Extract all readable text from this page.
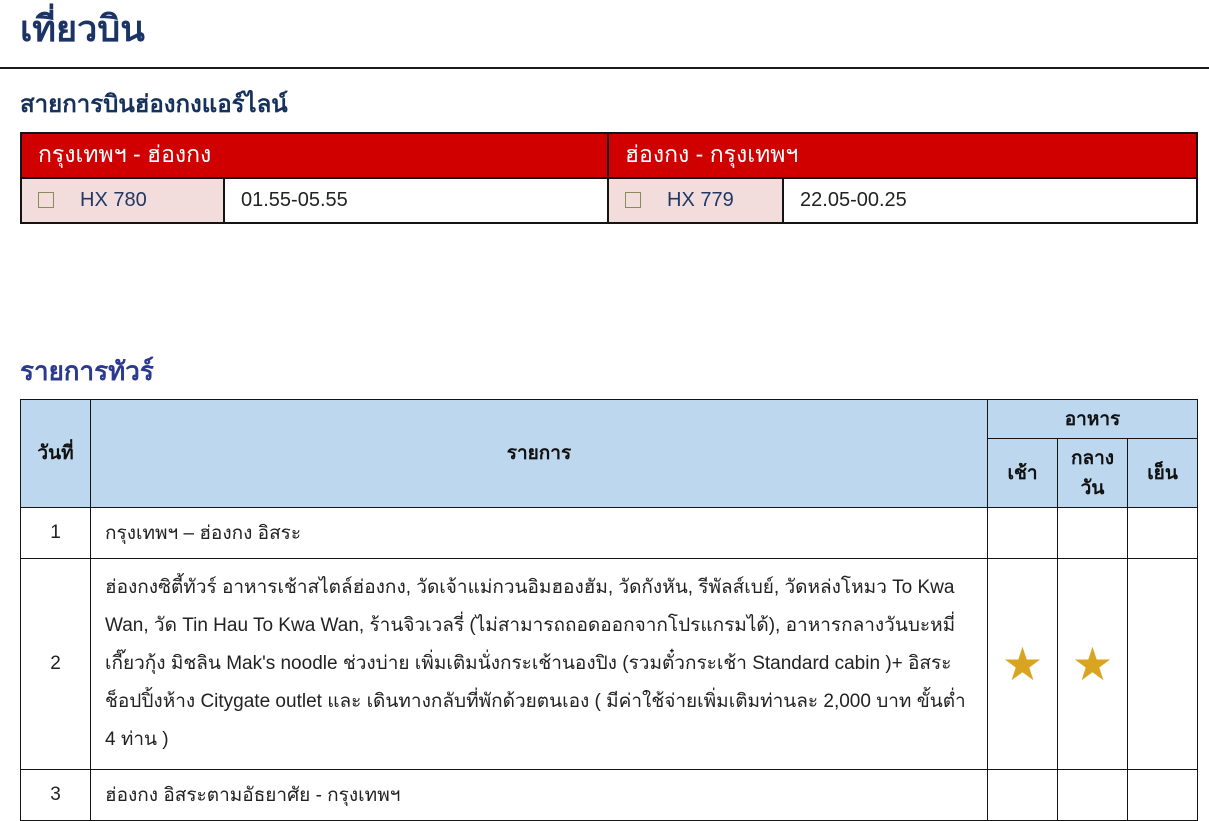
เที่ยวบิน
สายการบินฮ่องกงแอร์ไลน์
กรุงเทพฯ - ฮ่องกง		ฮ่องกง - กรุงเทพฯ	
HX 780	01.55-05.55	HX 779	22.05-00.25
รายการทัวร์
วันที่	รายการ	อาหาร		
		เช้า	กลางวัน	เย็น
1	กรุงเทพฯ – ฮ่องกง อิสระ			
2	ฮ่องกงซิตี้ทัวร์ อาหารเช้าสไตล์ฮ่องกง, วัดเจ้าแม่กวนอิมฮองฮัม, วัดกังหัน, รีพัลส์เบย์, วัดหล่งโหมว To Kwa Wan, วัด Tin Hau To Kwa Wan, ร้านจิวเวลรี่ (ไม่สามารถถอดออกจากโปรแกรมได้), อาหารกลางวันบะหมี่เกี๊ยวกุ้ง มิชลิน Mak's noodle ช่วงบ่าย เพิ่มเติมนั่งกระเช้านองปิง (รวมตั๋วกระเช้า Standard cabin )+ อิสระช็อปปิ้งห้าง Citygate outlet และ เดินทางกลับที่พักด้วยตนเอง ( มีค่าใช้จ่ายเพิ่มเติมท่านละ 2,000 บาท ขั้นต่ำ 4 ท่าน )	★	★	
3	ฮ่องกง อิสระตามอัธยาศัย - กรุงเทพฯ			
